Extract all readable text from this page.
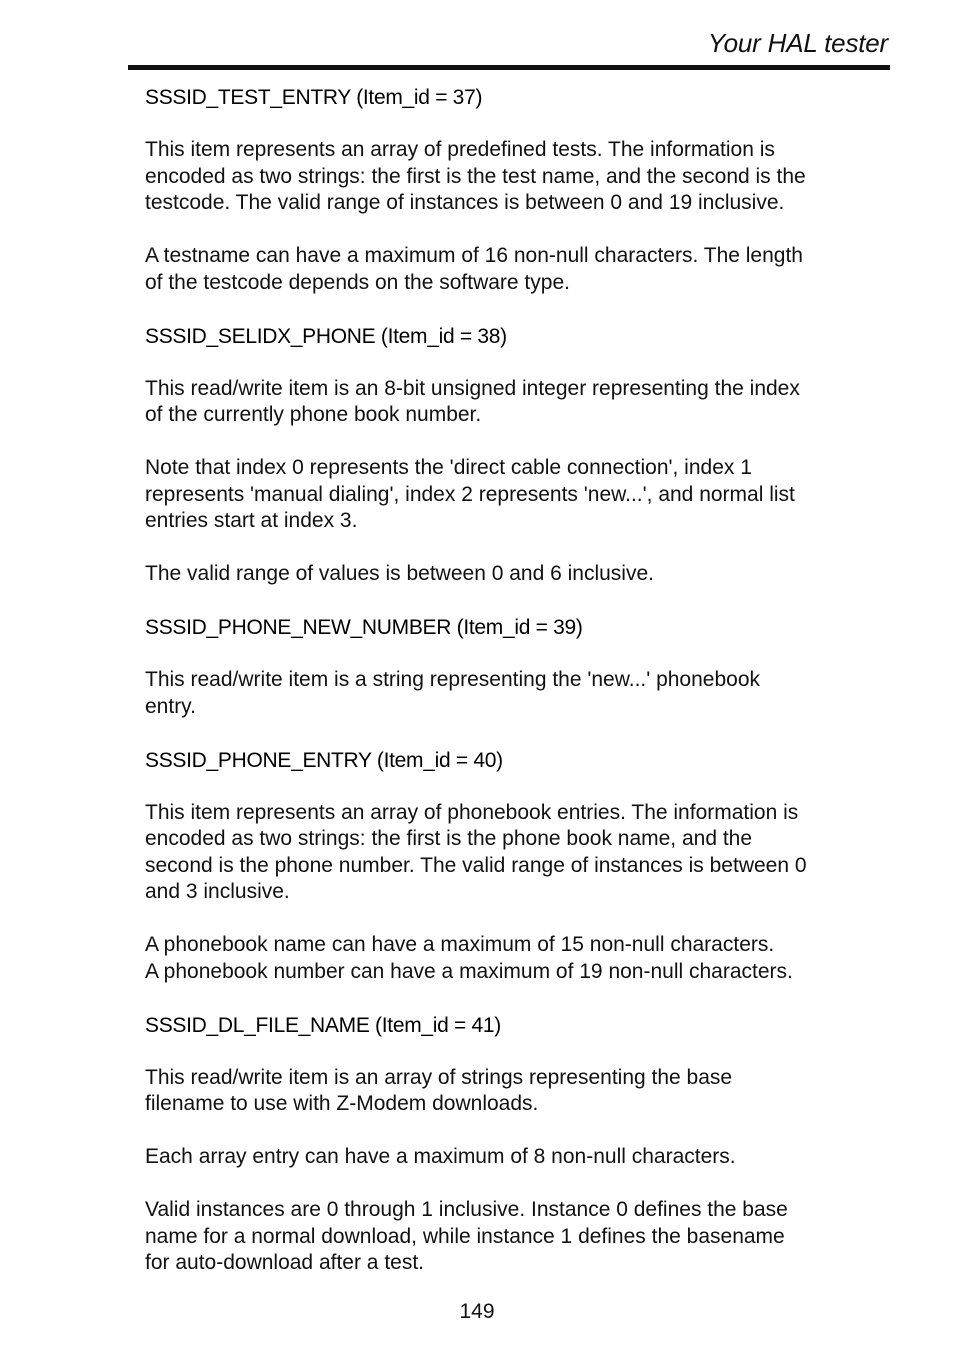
Your HAL tester
SSSID_TEST_ENTRY (Item_id = 37)
This item represents an array of predefined tests. The information is
encoded as two strings: the first is the test name, and the second is the
testcode. The valid range of instances is between 0 and 19 inclusive.
A testname can have a maximum of 16 non-null characters. The length
of the testcode depends on the software type.
SSSID_SELIDX_PHONE (Item_id = 38)
This read/write item is an 8-bit unsigned integer representing the index
of the currently phone book number.
Note that index 0 represents the 'direct cable connection', index 1
represents 'manual dialing', index 2 represents 'new...', and normal list
entries start at index 3.
The valid range of values is between 0 and 6 inclusive.
SSSID_PHONE_NEW_NUMBER (Item_id = 39)
This read/write item is a string representing the 'new...' phonebook
entry.
SSSID_PHONE_ENTRY (Item_id = 40)
This item represents an array of phonebook entries. The information is
encoded as two strings: the first is the phone book name, and the
second is the phone number. The valid range of instances is between 0
and 3 inclusive.
A phonebook name can have a maximum of 15 non-null characters.
A phonebook number can have a maximum of 19 non-null characters.
SSSID_DL_FILE_NAME (Item_id = 41)
This read/write item is an array of strings representing the base
filename to use with Z-Modem downloads.
Each array entry can have a maximum of 8 non-null characters.
Valid instances are 0 through 1 inclusive. Instance 0 defines the base
name for a normal download, while instance 1 defines the basename
for auto-download after a test.
149
